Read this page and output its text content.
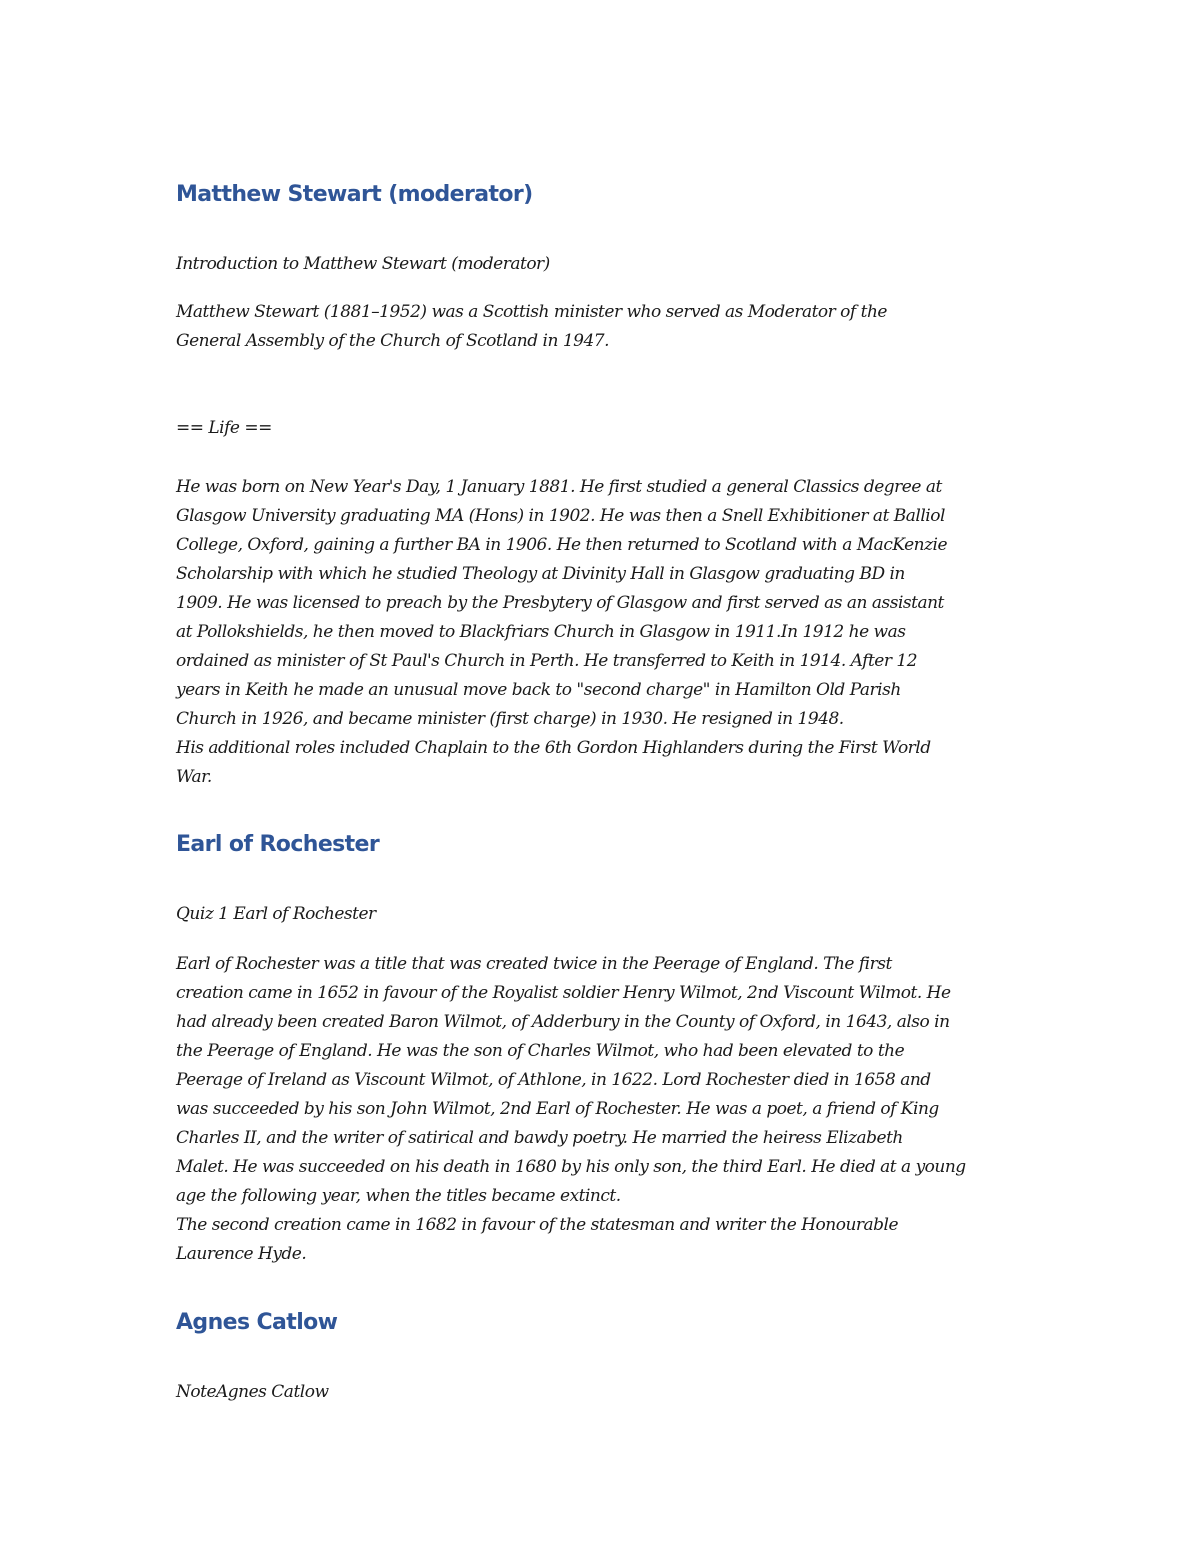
Matthew Stewart (moderator)

Introduction to Matthew Stewart (moderator)

Matthew Stewart (1881–1952) was a Scottish minister who served as Moderator of the
General Assembly of the Church of Scotland in 1947.

== Life ==

He was born on New Year's Day, 1 January 1881. He first studied a general Classics degree at
Glasgow University graduating MA (Hons) in 1902. He was then a Snell Exhibitioner at Balliol
College, Oxford, gaining a further BA in 1906. He then returned to Scotland with a MacKenzie
Scholarship with which he studied Theology at Divinity Hall in Glasgow graduating BD in
1909. He was licensed to preach by the Presbytery of Glasgow and first served as an assistant
at Pollokshields, he then moved to Blackfriars Church in Glasgow in 1911.In 1912 he was
ordained as minister of St Paul's Church in Perth. He transferred to Keith in 1914. After 12
years in Keith he made an unusual move back to "second charge" in Hamilton Old Parish
Church in 1926, and became minister (first charge) in 1930. He resigned in 1948.
His additional roles included Chaplain to the 6th Gordon Highlanders during the First World
War.

Earl of Rochester

Quiz 1 Earl of Rochester

Earl of Rochester was a title that was created twice in the Peerage of England. The first
creation came in 1652 in favour of the Royalist soldier Henry Wilmot, 2nd Viscount Wilmot. He
had already been created Baron Wilmot, of Adderbury in the County of Oxford, in 1643, also in
the Peerage of England. He was the son of Charles Wilmot, who had been elevated to the
Peerage of Ireland as Viscount Wilmot, of Athlone, in 1622. Lord Rochester died in 1658 and
was succeeded by his son John Wilmot, 2nd Earl of Rochester. He was a poet, a friend of King
Charles II, and the writer of satirical and bawdy poetry. He married the heiress Elizabeth
Malet. He was succeeded on his death in 1680 by his only son, the third Earl. He died at a young
age the following year, when the titles became extinct.
The second creation came in 1682 in favour of the statesman and writer the Honourable
Laurence Hyde.

Agnes Catlow

NoteAgnes Catlow
